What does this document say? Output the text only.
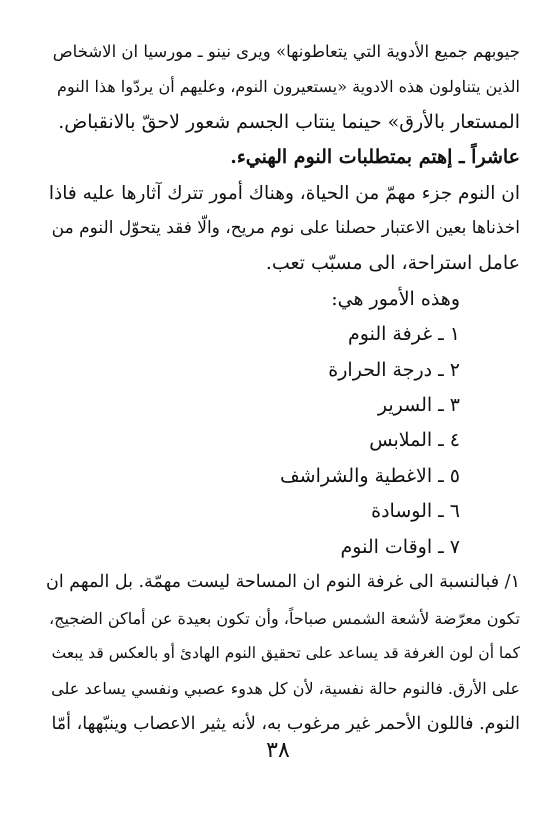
جيوبهم جميع الأدوية التي يتعاطونها» ويرى نينو ـ مورسيا ان الاشخاص
الذين يتناولون هذه الادوية «يستعيرون النوم، وعليهم أن يردّوا هذا النوم
المستعار بالأرق» حينما ينتاب الجسم شعور لاحقّ بالانقباض.
عاشراً ـ إهتم بمتطلبات النوم الهنيء.
ان النوم جزء مهمّ من الحياة، وهناك أمور تترك آثارها عليه فاذا
اخذناها بعين الاعتبار حصلنا على نوم مريح، والّا فقد يتحوّل النوم من
عامل استراحة، الى مسبّب تعب.
وهذه الأمور هي:
١ ـ غرفة النوم
٢ ـ درجة الحرارة
٣ ـ السرير
٤ ـ الملابس
٥ ـ الاغطية والشراشف
٦ ـ الوسادة
٧ ـ اوقات النوم
١/ فبالنسبة الى غرفة النوم ان المساحة ليست مهمّة. بل المهم ان
تكون معرّضة لأشعة الشمس صباحاً، وأن تكون بعيدة عن أماكن الضجيج،
كما أن لون الغرفة قد يساعد على تحقيق النوم الهادئ أو بالعكس قد يبعث
على الأرق. فالنوم حالة نفسية، لأن كل هدوء عصبي ونفسي يساعد على
النوم. فاللون الأحمر غير مرغوب به، لأنه يثير الاعصاب وينبّهها، أمّا
٣٨
